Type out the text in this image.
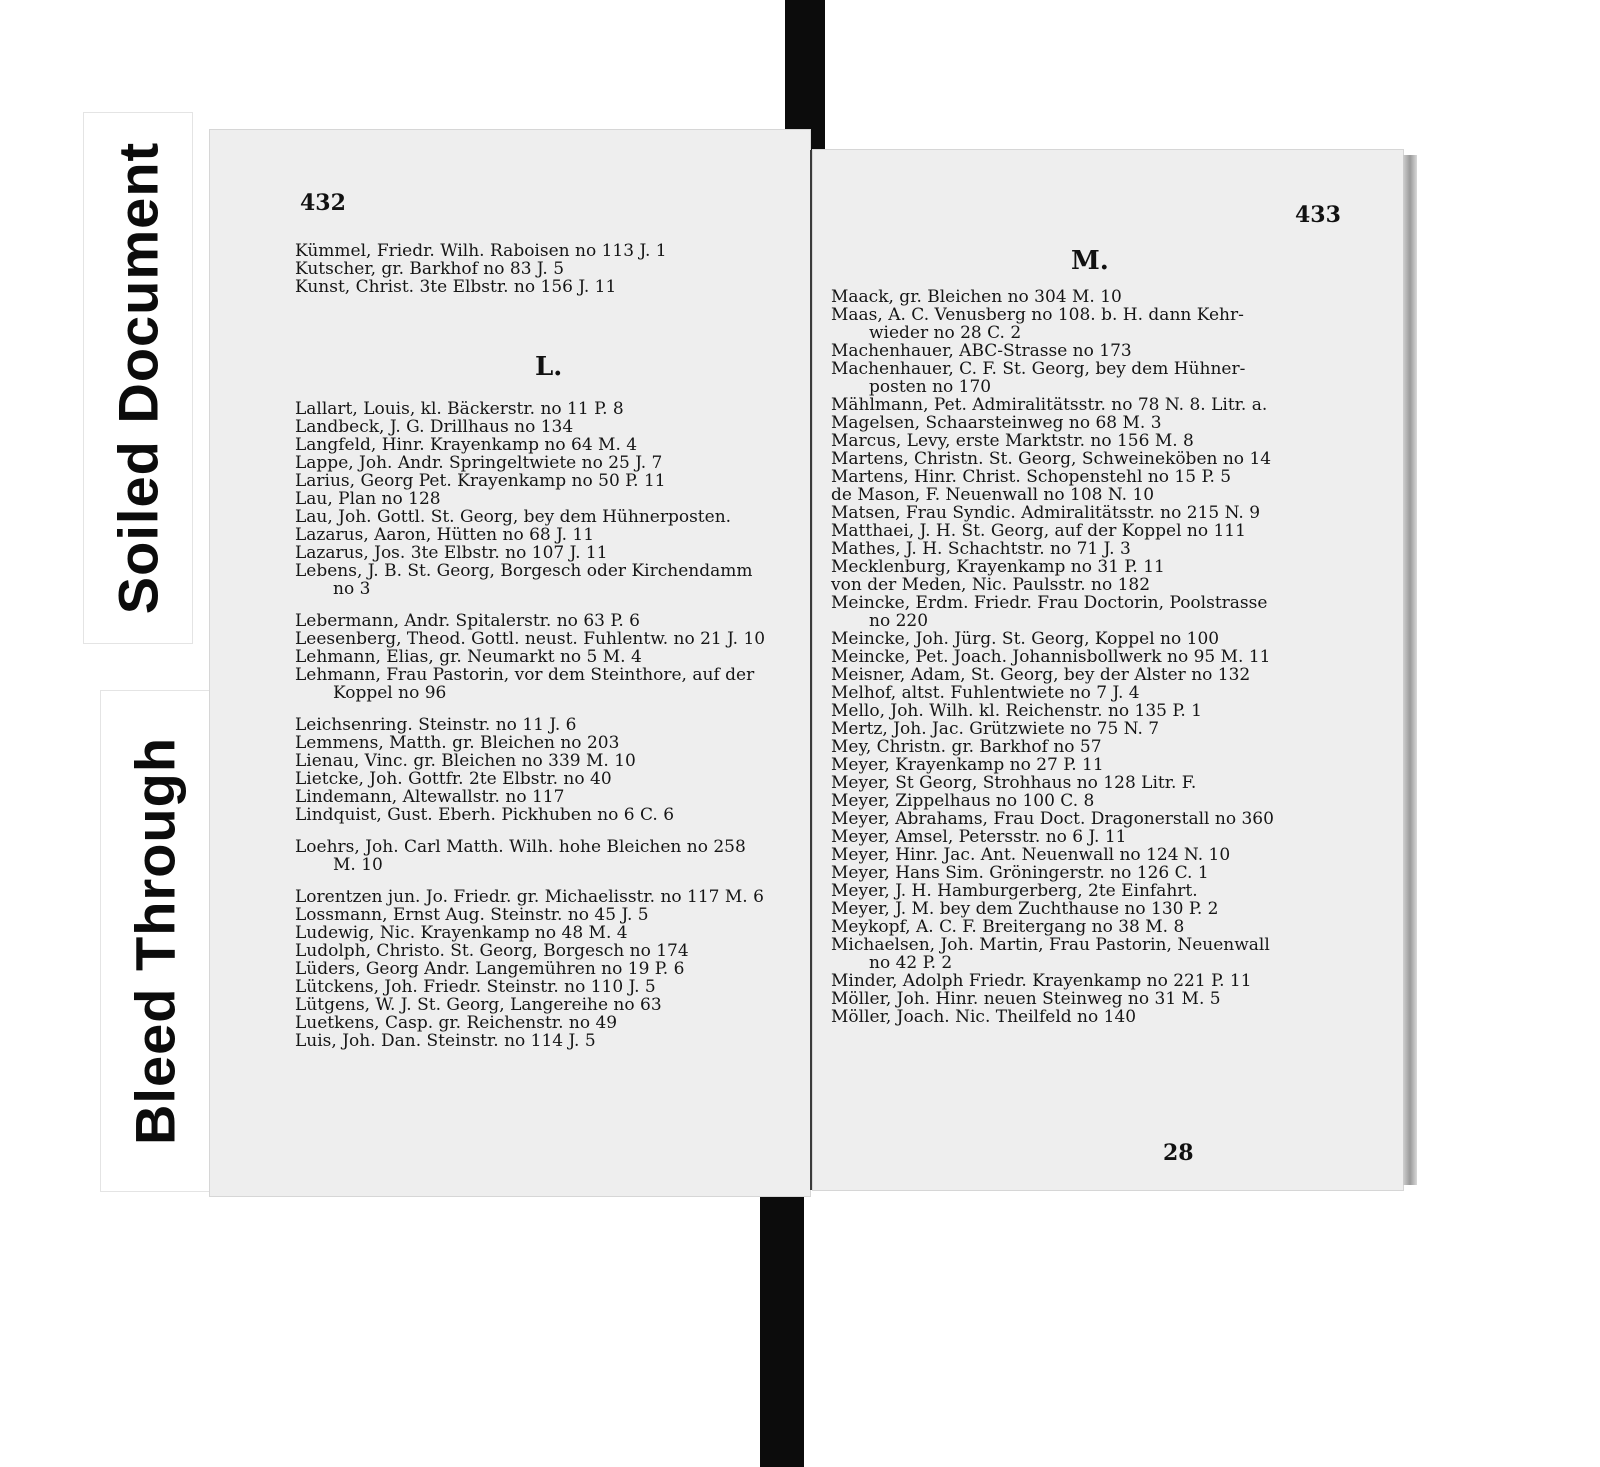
Soiled Document
Bleed Through
432
Kümmel, Friedr. Wilh. Raboisen no 113 J. 1
Kutscher, gr. Barkhof no 83 J. 5
Kunst, Christ. 3te Elbstr. no 156 J. 11
L.
Lallart, Louis, kl. Bäckerstr. no 11 P. 8
Landbeck, J. G. Drillhaus no 134
Langfeld, Hinr. Krayenkamp no 64 M. 4
Lappe, Joh. Andr. Springeltwiete no 25 J. 7
Larius, Georg Pet. Krayenkamp no 50 P. 11
Lau, Plan no 128
Lau, Joh. Gottl. St. Georg, bey dem Hühnerposten.
Lazarus, Aaron, Hütten no 68 J. 11
Lazarus, Jos. 3te Elbstr. no 107 J. 11
Lebens, J. B. St. Georg, Borgesch oder Kirchendamm
no 3
Lebermann, Andr. Spitalerstr. no 63 P. 6
Leesenberg, Theod. Gottl. neust. Fuhlentw. no 21 J. 10
Lehmann, Elias, gr. Neumarkt no 5 M. 4
Lehmann, Frau Pastorin, vor dem Steinthore, auf der
Koppel no 96
Leichsenring. Steinstr. no 11 J. 6
Lemmens, Matth. gr. Bleichen no 203
Lienau, Vinc. gr. Bleichen no 339 M. 10
Lietcke, Joh. Gottfr. 2te Elbstr. no 40
Lindemann, Altewallstr. no 117
Lindquist, Gust. Eberh. Pickhuben no 6 C. 6
Loehrs, Joh. Carl Matth. Wilh. hohe Bleichen no 258
M. 10
Lorentzen jun. Jo. Friedr. gr. Michaelisstr. no 117 M. 6
Lossmann, Ernst Aug. Steinstr. no 45 J. 5
Ludewig, Nic. Krayenkamp no 48 M. 4
Ludolph, Christo. St. Georg, Borgesch no 174
Lüders, Georg Andr. Langemühren no 19 P. 6
Lütckens, Joh. Friedr. Steinstr. no 110 J. 5
Lütgens, W. J. St. Georg, Langereihe no 63
Luetkens, Casp. gr. Reichenstr. no 49
Luis, Joh. Dan. Steinstr. no 114 J. 5
433
M.
Maack, gr. Bleichen no 304 M. 10
Maas, A. C. Venusberg no 108. b. H. dann Kehr-
wieder no 28 C. 2
Machenhauer, ABC-Strasse no 173
Machenhauer, C. F. St. Georg, bey dem Hühner-
posten no 170
Mählmann, Pet. Admiralitätsstr. no 78 N. 8. Litr. a.
Magelsen, Schaarsteinweg no 68 M. 3
Marcus, Levy, erste Marktstr. no 156 M. 8
Martens, Christn. St. Georg, Schweineköben no 14
Martens, Hinr. Christ. Schopenstehl no 15 P. 5
de Mason, F. Neuenwall no 108 N. 10
Matsen, Frau Syndic. Admiralitätsstr. no 215 N. 9
Matthaei, J. H. St. Georg, auf der Koppel no 111
Mathes, J. H. Schachtstr. no 71 J. 3
Mecklenburg, Krayenkamp no 31 P. 11
von der Meden, Nic. Paulsstr. no 182
Meincke, Erdm. Friedr. Frau Doctorin, Poolstrasse
no 220
Meincke, Joh. Jürg. St. Georg, Koppel no 100
Meincke, Pet. Joach. Johannisbollwerk no 95 M. 11
Meisner, Adam, St. Georg, bey der Alster no 132
Melhof, altst. Fuhlentwiete no 7 J. 4
Mello, Joh. Wilh. kl. Reichenstr. no 135 P. 1
Mertz, Joh. Jac. Grützwiete no 75 N. 7
Mey, Christn. gr. Barkhof no 57
Meyer, Krayenkamp no 27 P. 11
Meyer, St Georg, Strohhaus no 128 Litr. F.
Meyer, Zippelhaus no 100 C. 8
Meyer, Abrahams, Frau Doct. Dragonerstall no 360
Meyer, Amsel, Petersstr. no 6 J. 11
Meyer, Hinr. Jac. Ant. Neuenwall no 124 N. 10
Meyer, Hans Sim. Gröningerstr. no 126 C. 1
Meyer, J. H. Hamburgerberg, 2te Einfahrt.
Meyer, J. M. bey dem Zuchthause no 130 P. 2
Meykopf, A. C. F. Breitergang no 38 M. 8
Michaelsen, Joh. Martin, Frau Pastorin, Neuenwall
no 42 P. 2
Minder, Adolph Friedr. Krayenkamp no 221 P. 11
Möller, Joh. Hinr. neuen Steinweg no 31 M. 5
Möller, Joach. Nic. Theilfeld no 140
28
